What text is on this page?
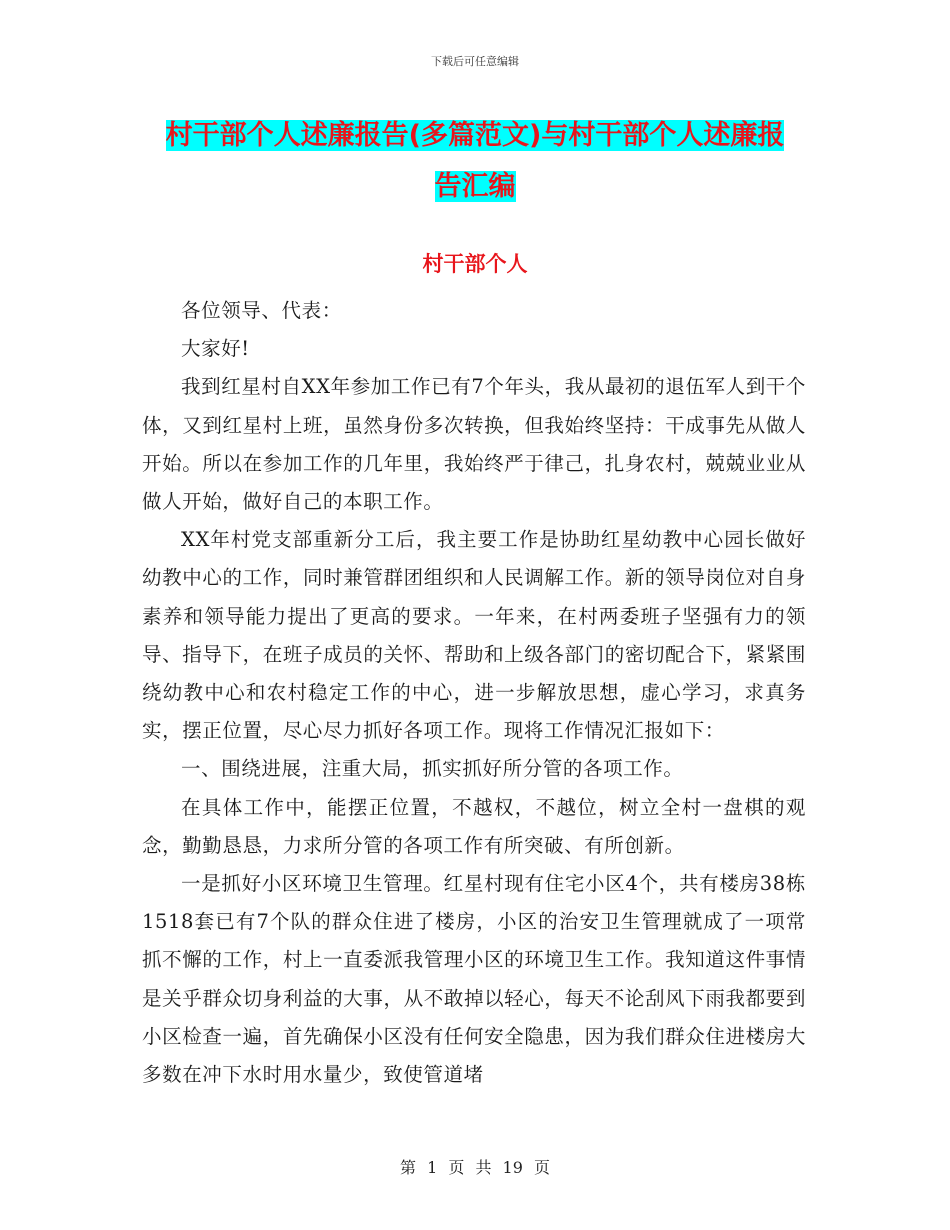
下载后可任意编辑
村干部个人述廉报告(多篇范文)与村干部个人述廉报
告汇编
村干部个人

各位领导、代表：

大家好!

我到红星村自XX年参加工作已有7个年头，我从最初的退伍军人到干个体，又到红星村上班，虽然身份多次转换，但我始终坚持：干成事先从做人开始。所以在参加工作的几年里，我始终严于律己，扎身农村，兢兢业业从做人开始，做好自己的本职工作。

XX年村党支部重新分工后，我主要工作是协助红星幼教中心园长做好幼教中心的工作，同时兼管群团组织和人民调解工作。新的领导岗位对自身素养和领导能力提出了更高的要求。一年来，在村两委班子坚强有力的领导、指导下，在班子成员的关怀、帮助和上级各部门的密切配合下，紧紧围绕幼教中心和农村稳定工作的中心，进一步解放思想，虚心学习，求真务实，摆正位置，尽心尽力抓好各项工作。现将工作情况汇报如下：

一、围绕进展，注重大局，抓实抓好所分管的各项工作。

在具体工作中，能摆正位置，不越权，不越位，树立全村一盘棋的观念，勤勤恳恳，力求所分管的各项工作有所突破、有所创新。

一是抓好小区环境卫生管理。红星村现有住宅小区4个，共有楼房38栋1518套已有7个队的群众住进了楼房，小区的治安卫生管理就成了一项常抓不懈的工作，村上一直委派我管理小区的环境卫生工作。我知道这件事情是关乎群众切身利益的大事，从不敢掉以轻心，每天不论刮风下雨我都要到小区检查一遍，首先确保小区没有任何安全隐患，因为我们群众住进楼房大多数在冲下水时用水量少，致使管道堵

第 1 页 共 19 页
